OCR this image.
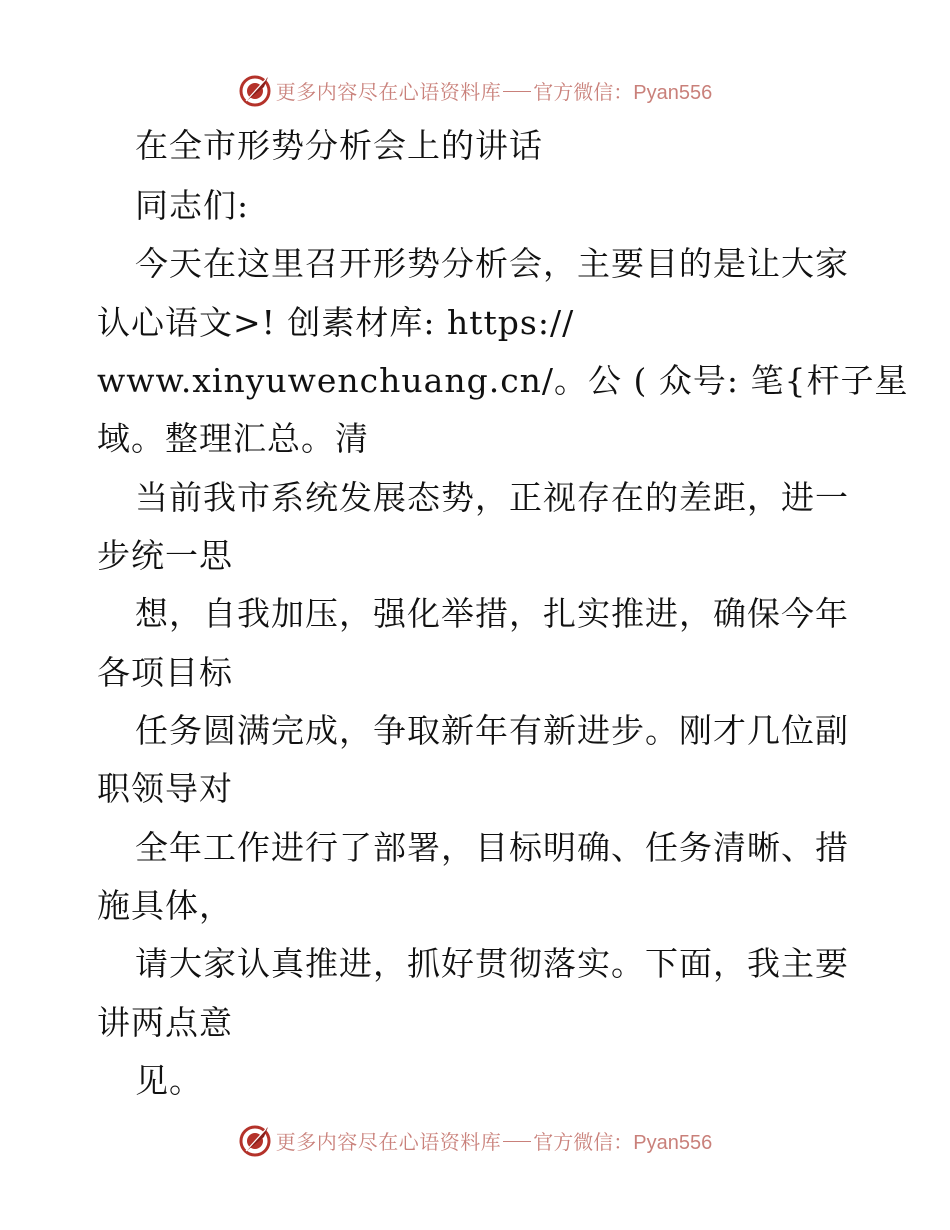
更多内容尽在心语资料库 官方微信：Pyan556
在全市形势分析会上的讲话
同志们:
今天在这里召开形势分析会，主要目的是让大家
认心语文>! 创素材库: https://
www.xinyuwenchuang.cn/。公 ( 众号: 笔{杆子星
域。整理汇总。清
当前我市系统发展态势，正视存在的差距，进一
步统一思
想，自我加压，强化举措，扎实推进，确保今年
各项目标
任务圆满完成，争取新年有新进步。刚才几位副
职领导对
全年工作进行了部署，目标明确、任务清晰、措
施具体，
请大家认真推进，抓好贯彻落实。下面，我主要
讲两点意
见。
更多内容尽在心语资料库 官方微信：Pyan556
